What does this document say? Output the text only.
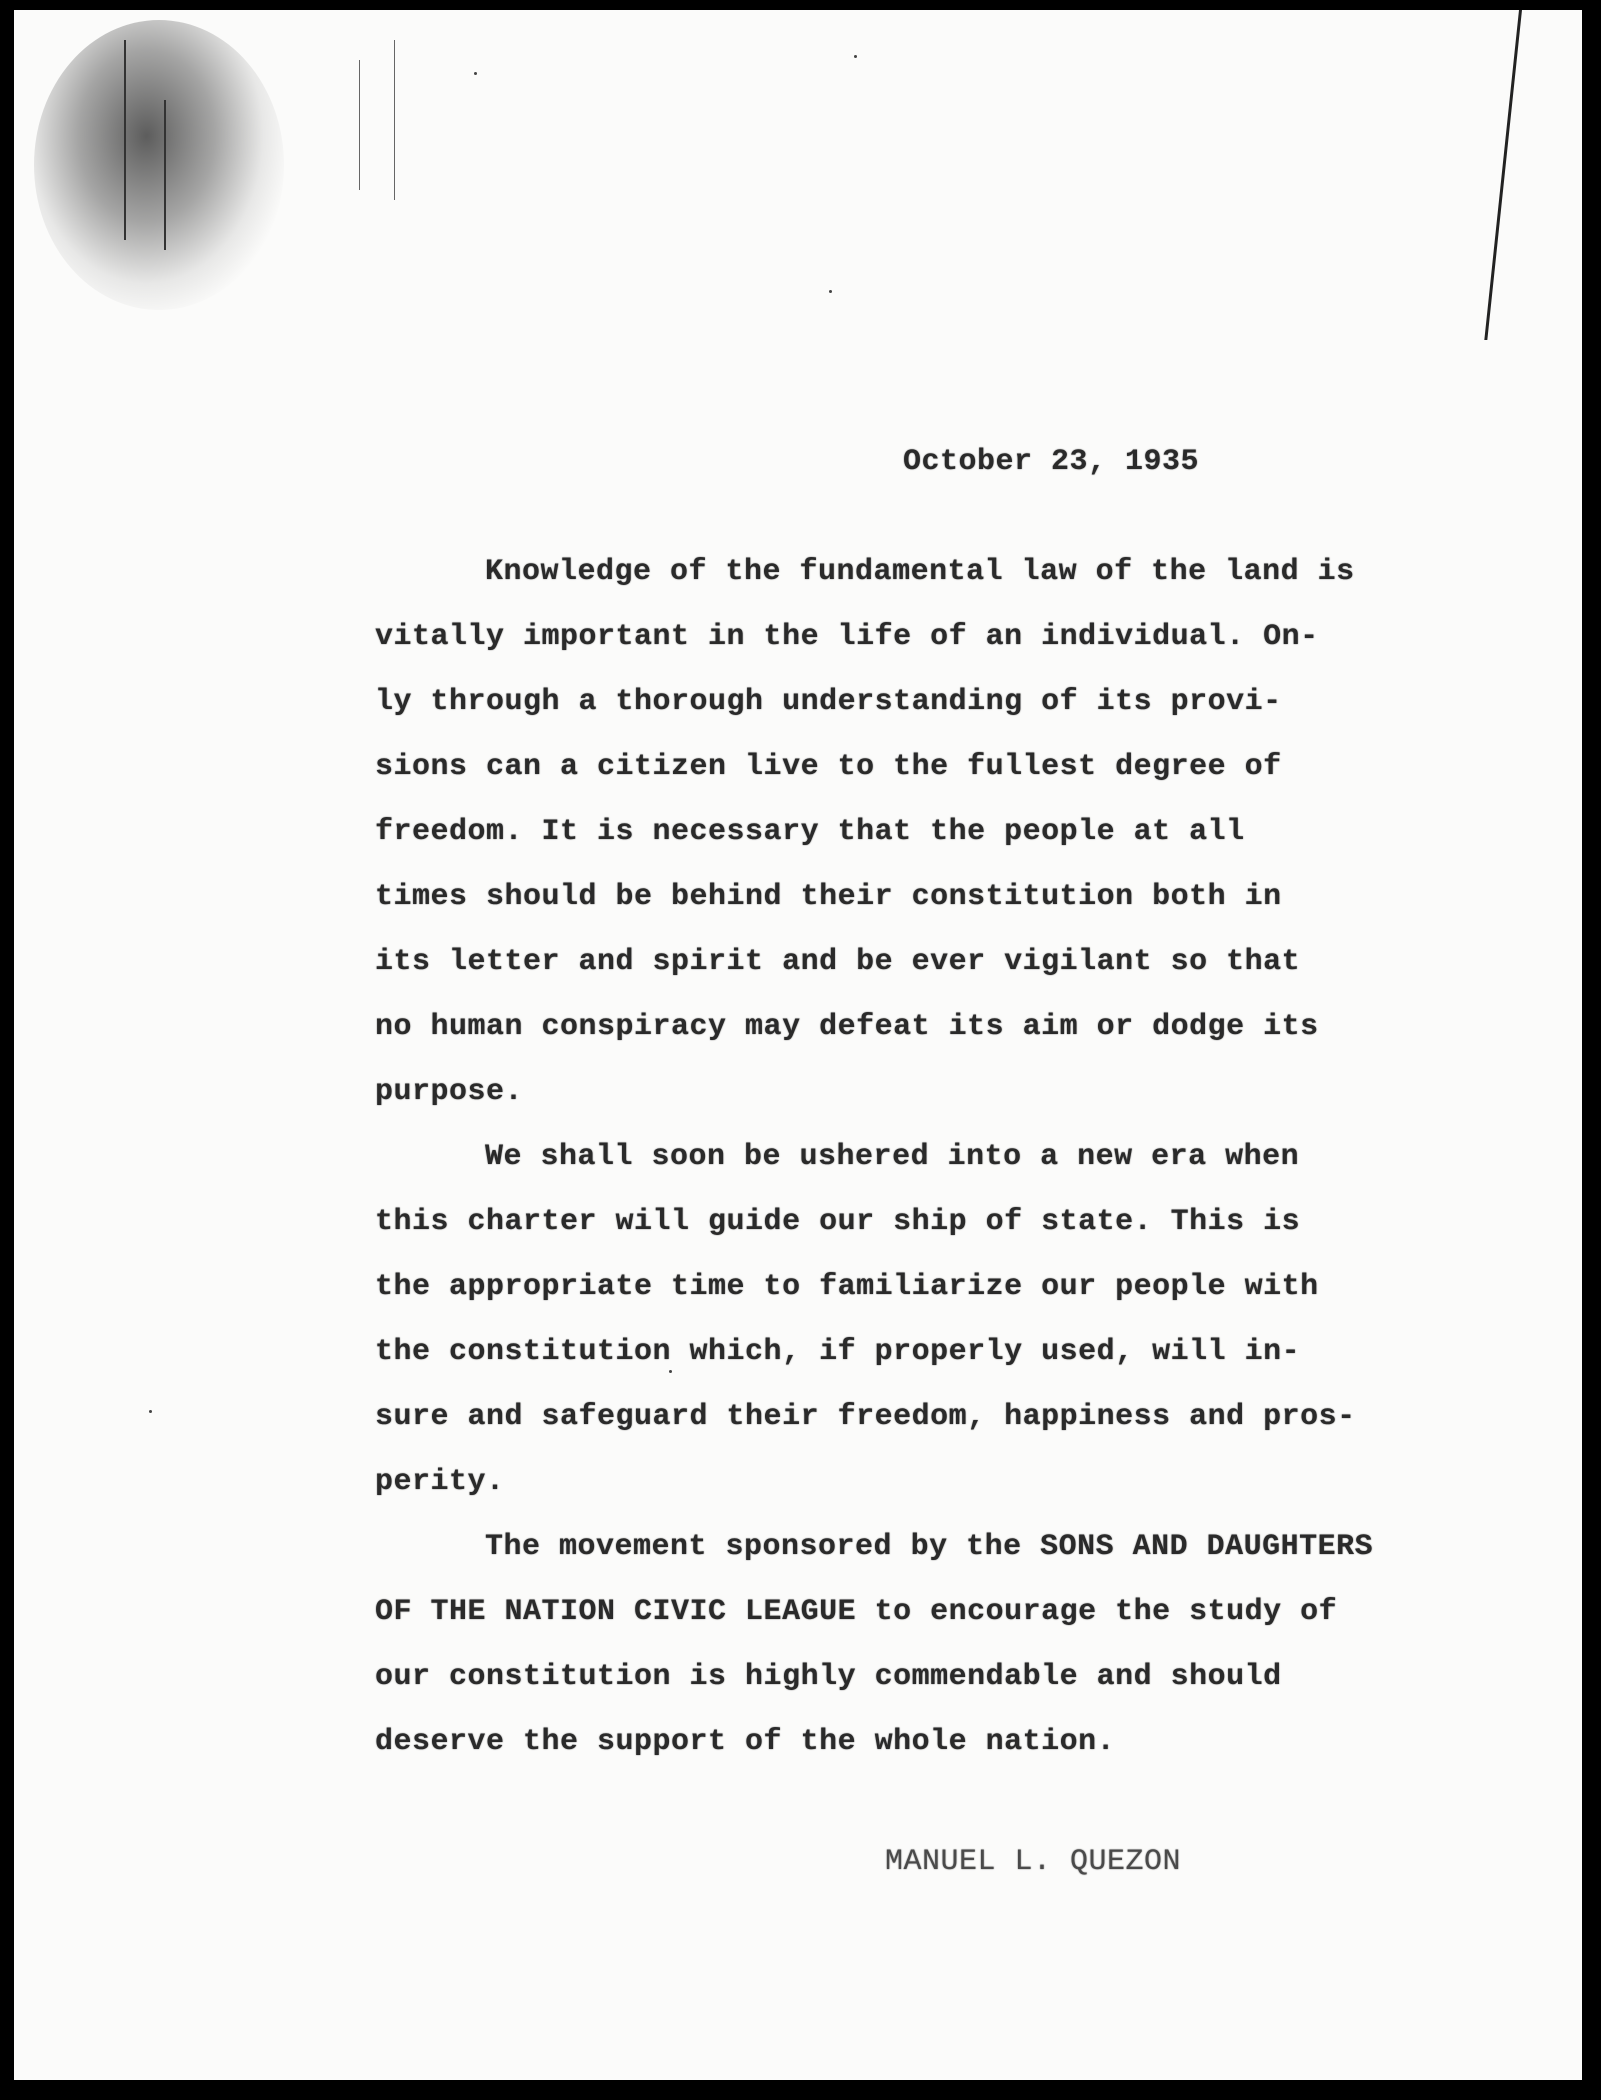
October 23, 1935
Knowledge of the fundamental law of the land is
vitally important in the life of an individual. On-
ly through a thorough understanding of its provi-
sions can a citizen live to the fullest degree of
freedom. It is necessary that the people at all
times should be behind their constitution both in
its letter and spirit and be ever vigilant so that
no human conspiracy may defeat its aim or dodge its
purpose.
We shall soon be ushered into a new era when
this charter will guide our ship of state. This is
the appropriate time to familiarize our people with
the constitution which, if properly used, will in-
sure and safeguard their freedom, happiness and pros-
perity.
The movement sponsored by the SONS AND DAUGHTERS
OF THE NATION CIVIC LEAGUE to encourage the study of
our constitution is highly commendable and should
deserve the support of the whole nation.
MANUEL L. QUEZON
